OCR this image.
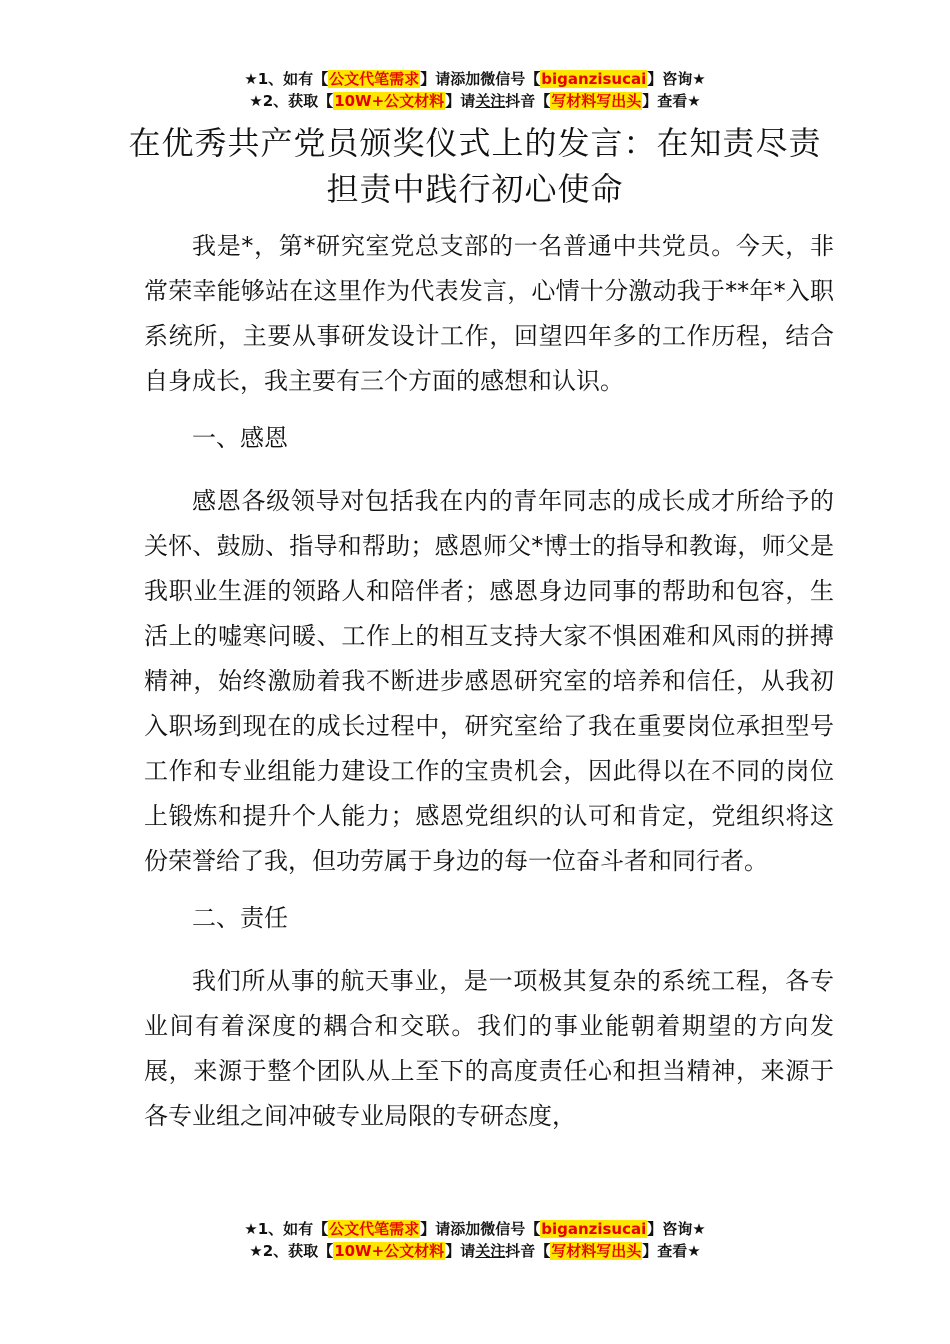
★1、如有【公文代笔需求】请添加微信号【biganzisucai】咨询★
★2、获取【10W+公文材料】请关注抖音【写材料写出头】查看★
在优秀共产党员颁奖仪式上的发言：在知责尽责担责中践行初心使命

我是*，第*研究室党总支部的一名普通中共党员。今天，非常荣幸能够站在这里作为代表发言，心情十分激动我于**年*入职系统所，主要从事研发设计工作，回望四年多的工作历程，结合自身成长，我主要有三个方面的感想和认识。

一、感恩

感恩各级领导对包括我在内的青年同志的成长成才所给予的关怀、鼓励、指导和帮助；感恩师父*博士的指导和教诲，师父是我职业生涯的领路人和陪伴者；感恩身边同事的帮助和包容，生活上的嘘寒问暖、工作上的相互支持大家不惧困难和风雨的拼搏精神，始终激励着我不断进步感恩研究室的培养和信任，从我初入职场到现在的成长过程中，研究室给了我在重要岗位承担型号工作和专业组能力建设工作的宝贵机会，因此得以在不同的岗位上锻炼和提升个人能力；感恩党组织的认可和肯定，党组织将这份荣誉给了我，但功劳属于身边的每一位奋斗者和同行者。

二、责任

我们所从事的航天事业，是一项极其复杂的系统工程，各专业间有着深度的耦合和交联。我们的事业能朝着期望的方向发展，来源于整个团队从上至下的高度责任心和担当精神，来源于各专业组之间冲破专业局限的专研态度，

★1、如有【公文代笔需求】请添加微信号【biganzisucai】咨询★
★2、获取【10W+公文材料】请关注抖音【写材料写出头】查看★
